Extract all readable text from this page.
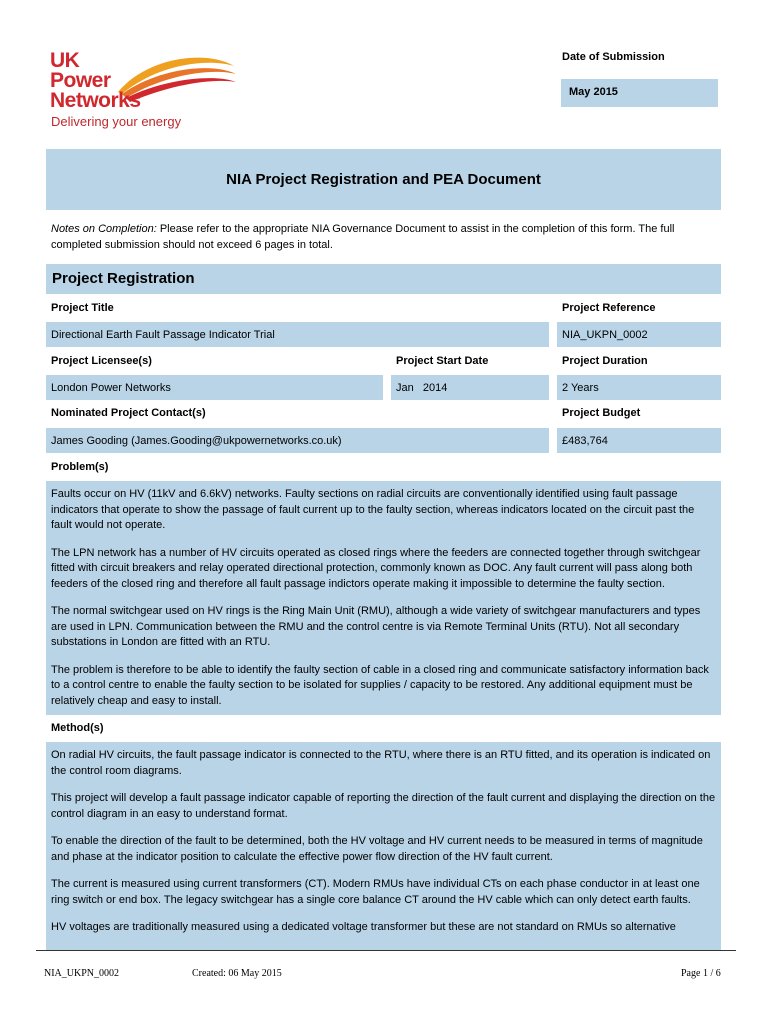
UK
Power
Networks
Delivering your energy
Date of Submission
May 2015
NIA Project Registration and PEA Document
Notes on Completion: Please refer to the appropriate NIA Governance Document to assist in the completion of this form. The full completed submission should not exceed 6 pages in total.
Project Registration
Project Title	Project Reference
Directional Earth Fault Passage Indicator Trial	NIA_UKPN_0002
Project Licensee(s)	Project Start Date	Project Duration
London Power Networks	Jan   2014	2 Years
Nominated Project Contact(s)	Project Budget
James Gooding (James.Gooding@ukpowernetworks.co.uk)	£483,764
Problem(s)

Faults occur on HV (11kV and 6.6kV) networks. Faulty sections on radial circuits are conventionally identified using fault passage indicators that operate to show the passage of fault current up to the faulty section, whereas indicators located on the circuit past the fault would not operate.

The LPN network has a number of HV circuits operated as closed rings where the feeders are connected together through switchgear fitted with circuit breakers and relay operated directional protection, commonly known as DOC. Any fault current will pass along both feeders of the closed ring and therefore all fault passage indictors operate making it impossible to determine the faulty section.

The normal switchgear used on HV rings is the Ring Main Unit (RMU), although a wide variety of switchgear manufacturers and types are used in LPN. Communication between the RMU and the control centre is via Remote Terminal Units (RTU). Not all secondary substations in London are fitted with an RTU.

The problem is therefore to be able to identify the faulty section of cable in a closed ring and communicate satisfactory information back to a control centre to enable the faulty section to be isolated for supplies / capacity to be restored. Any additional equipment must be relatively cheap and easy to install.

Method(s)

On radial HV circuits, the fault passage indicator is connected to the RTU, where there is an RTU fitted, and its operation is indicated on the control room diagrams.

This project will develop a fault passage indicator capable of reporting the direction of the fault current and displaying the direction on the control diagram in an easy to understand format.

To enable the direction of the fault to be determined, both the HV voltage and HV current needs to be measured in terms of magnitude and phase at the indicator position to calculate the effective power flow direction of the HV fault current.

The current is measured using current transformers (CT). Modern RMUs have individual CTs on each phase conductor in at least one ring switch or end box. The legacy switchgear has a single core balance CT around the HV cable which can only detect earth faults.

HV voltages are traditionally measured using a dedicated voltage transformer but these are not standard on RMUs so alternative

NIA_UKPN_0002	Created: 06 May 2015	Page 1 / 6
